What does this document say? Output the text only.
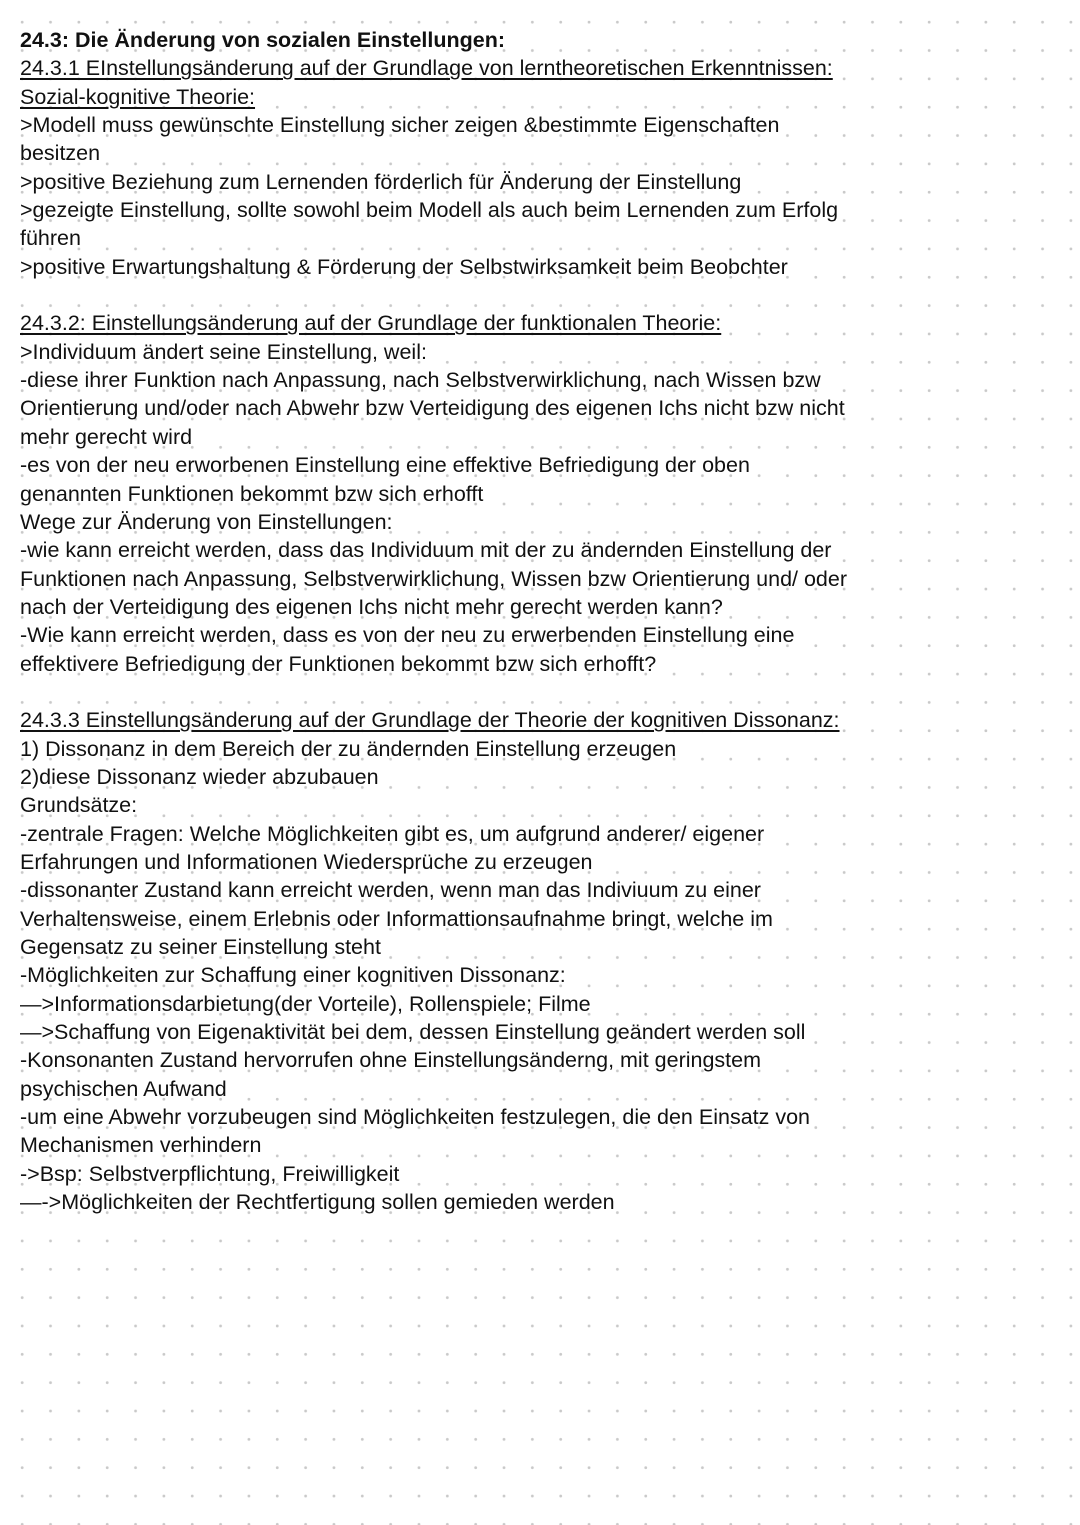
24.3: Die Änderung von sozialen Einstellungen:
24.3.1 EInstellungsänderung auf der Grundlage von lerntheoretischen Erkenntnissen:
Sozial-kognitive Theorie:
>Modell muss gewünschte Einstellung sicher zeigen &bestimmte Eigenschaften
besitzen
>positive Beziehung zum Lernenden förderlich für Änderung der Einstellung
>gezeigte Einstellung, sollte sowohl beim Modell als auch beim Lernenden zum Erfolg
führen
>positive Erwartungshaltung & Förderung der Selbstwirksamkeit beim Beobchter
24.3.2: Einstellungsänderung auf der Grundlage der funktionalen Theorie:
>Individuum ändert seine Einstellung, weil:
-diese ihrer Funktion nach Anpassung, nach Selbstverwirklichung, nach Wissen bzw
Orientierung und/oder nach Abwehr bzw Verteidigung des eigenen Ichs nicht bzw nicht
mehr gerecht wird
-es von der neu erworbenen Einstellung eine effektive Befriedigung der oben
genannten Funktionen bekommt bzw sich erhofft
Wege zur Änderung von Einstellungen:
-wie kann erreicht werden, dass das Individuum mit der zu ändernden Einstellung der
Funktionen nach Anpassung, Selbstverwirklichung, Wissen bzw Orientierung und/ oder
nach der Verteidigung des eigenen Ichs nicht mehr gerecht werden kann?
-Wie kann erreicht werden, dass es von der neu zu erwerbenden Einstellung eine
effektivere Befriedigung der Funktionen bekommt bzw sich erhofft?
24.3.3 Einstellungsänderung auf der Grundlage der Theorie der kognitiven Dissonanz:
1) Dissonanz in dem Bereich der zu ändernden Einstellung erzeugen
2)diese Dissonanz wieder abzubauen
Grundsätze:
-zentrale Fragen: Welche Möglichkeiten gibt es, um aufgrund anderer/ eigener
Erfahrungen und Informationen Wiedersprüche zu erzeugen
-dissonanter Zustand kann erreicht werden, wenn man das Indiviuum zu einer
Verhaltensweise, einem Erlebnis oder Informattionsaufnahme bringt, welche im
Gegensatz zu seiner Einstellung steht
-Möglichkeiten zur Schaffung einer kognitiven Dissonanz:
—>Informationsdarbietung(der Vorteile), Rollenspiele; Filme
—>Schaffung von Eigenaktivität bei dem, dessen Einstellung geändert werden soll
-Konsonanten Zustand hervorrufen ohne Einstellungsänderng, mit geringstem
psychischen Aufwand
-um eine Abwehr vorzubeugen sind Möglichkeiten festzulegen, die den Einsatz von
Mechanismen verhindern
->Bsp: Selbstverpflichtung, Freiwilligkeit
—->Möglichkeiten der Rechtfertigung sollen gemieden werden
